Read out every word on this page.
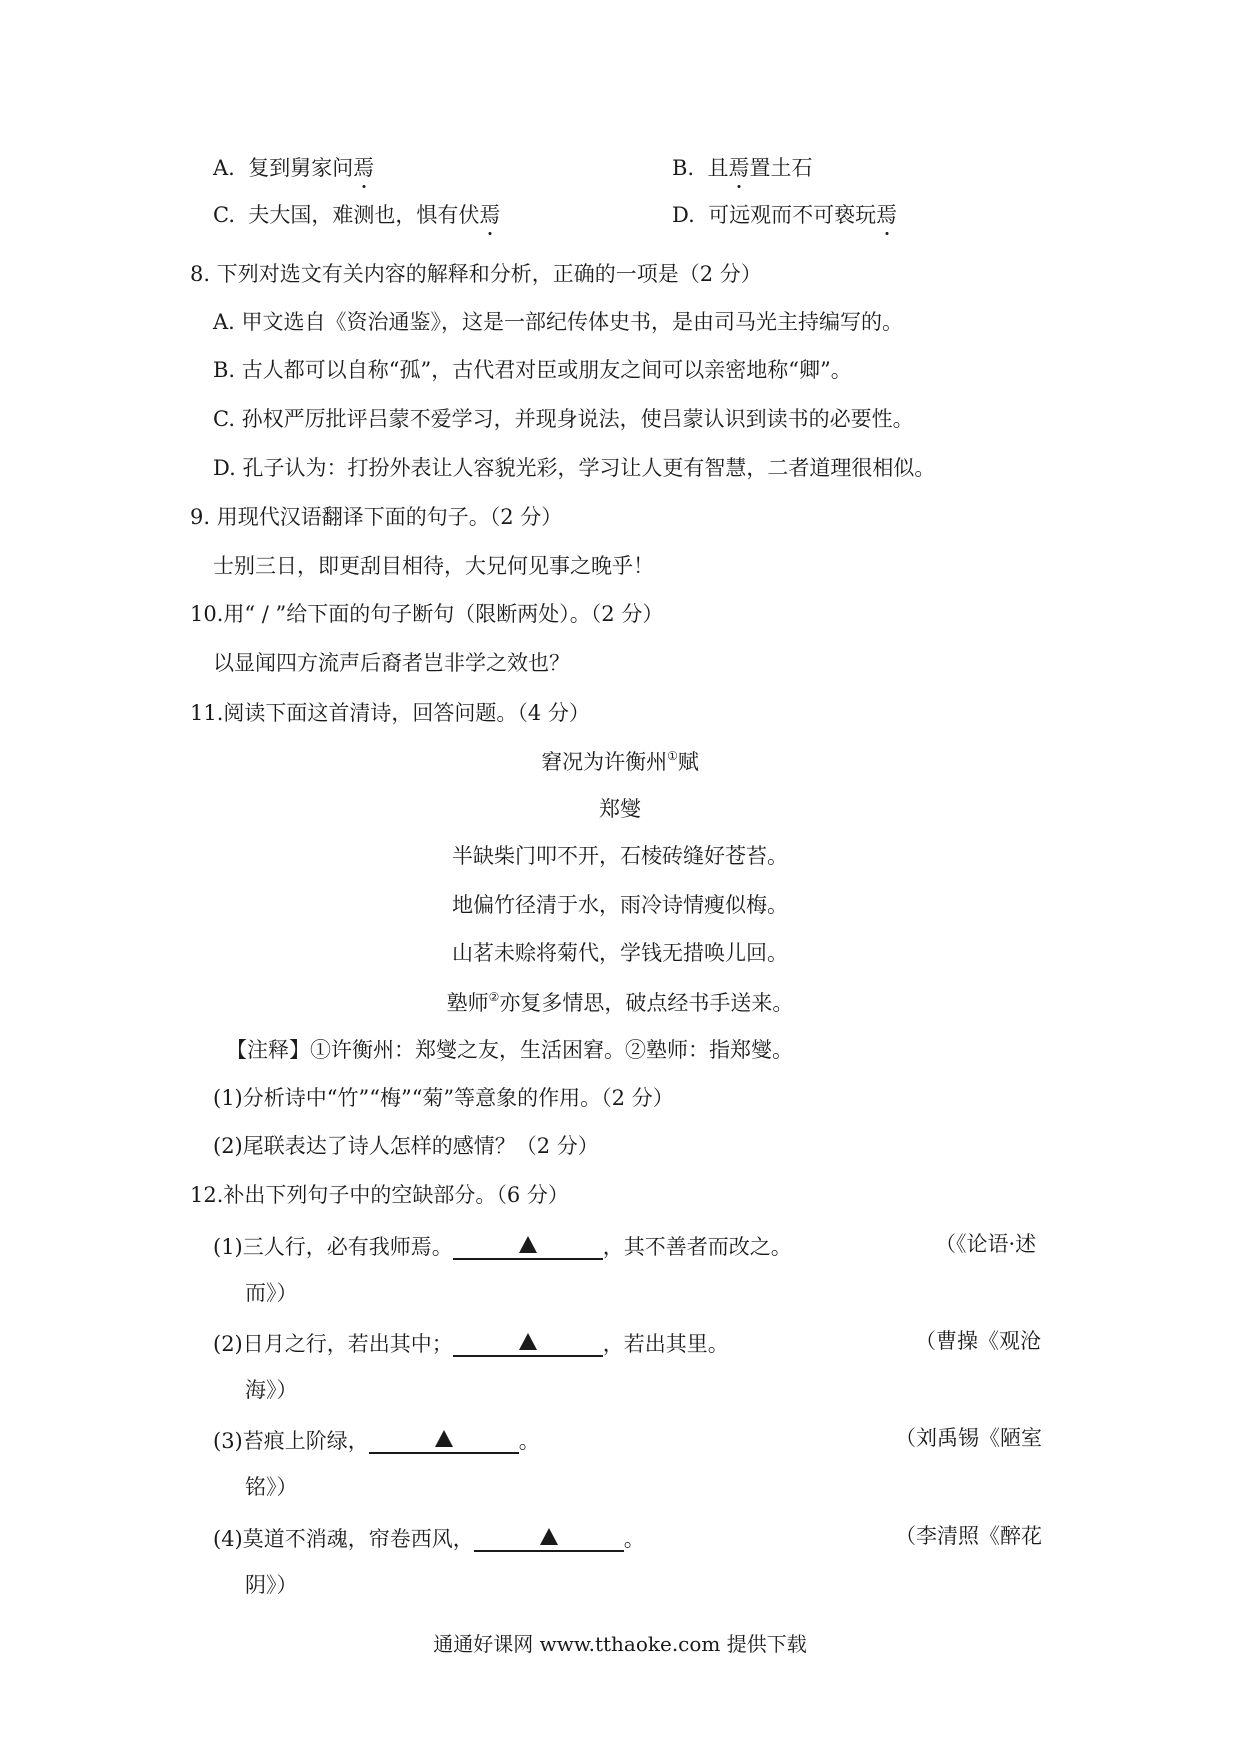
A. 复到舅家问焉	B. 且焉置土石
C. 夫大国，难测也，惧有伏焉	D. 可远观而不可亵玩焉
8. 下列对选文有关内容的解释和分析，正确的一项是（2 分）
A. 甲文选自《资治通鉴》，这是一部纪传体史书，是由司马光主持编写的。
B. 古人都可以自称“孤”，古代君对臣或朋友之间可以亲密地称“卿”。
C. 孙权严厉批评吕蒙不爱学习，并现身说法，使吕蒙认识到读书的必要性。
D. 孔子认为：打扮外表让人容貌光彩，学习让人更有智慧，二者道理很相似。
9. 用现代汉语翻译下面的句子。（2 分）
士别三日，即更刮目相待，大兄何见事之晚乎！
10.用“ / ”给下面的句子断句（限断两处）。（2 分）
以显闻四方流声后裔者岂非学之效也？
11.阅读下面这首清诗，回答问题。（4 分）
窘况为许衡州①赋
郑燮
半缺柴门叩不开，石棱砖缝好苍苔。
地偏竹径清于水，雨冷诗情瘦似梅。
山茗未赊将菊代，学钱无措唤儿回。
塾师②亦复多情思，破点经书手送来。
【注释】①许衡州：郑燮之友，生活困窘。②塾师：指郑燮。
(1)分析诗中“竹”“梅”“菊”等意象的作用。（2 分）
(2)尾联表达了诗人怎样的感情？（2 分）
12.补出下列句子中的空缺部分。（6 分）
(1)三人行，必有我师焉。	，其不善者而改之。	（《论语·述
而》）
(2)日月之行，若出其中；	，若出其里。	（曹操《观沧
海》）
(3)苔痕上阶绿，	。	（刘禹锡《陋室
铭》）
(4)莫道不消魂，帘卷西风，	。	（李清照《醉花
阴》）
通通好课网 www.tthaoke.com 提供下载
